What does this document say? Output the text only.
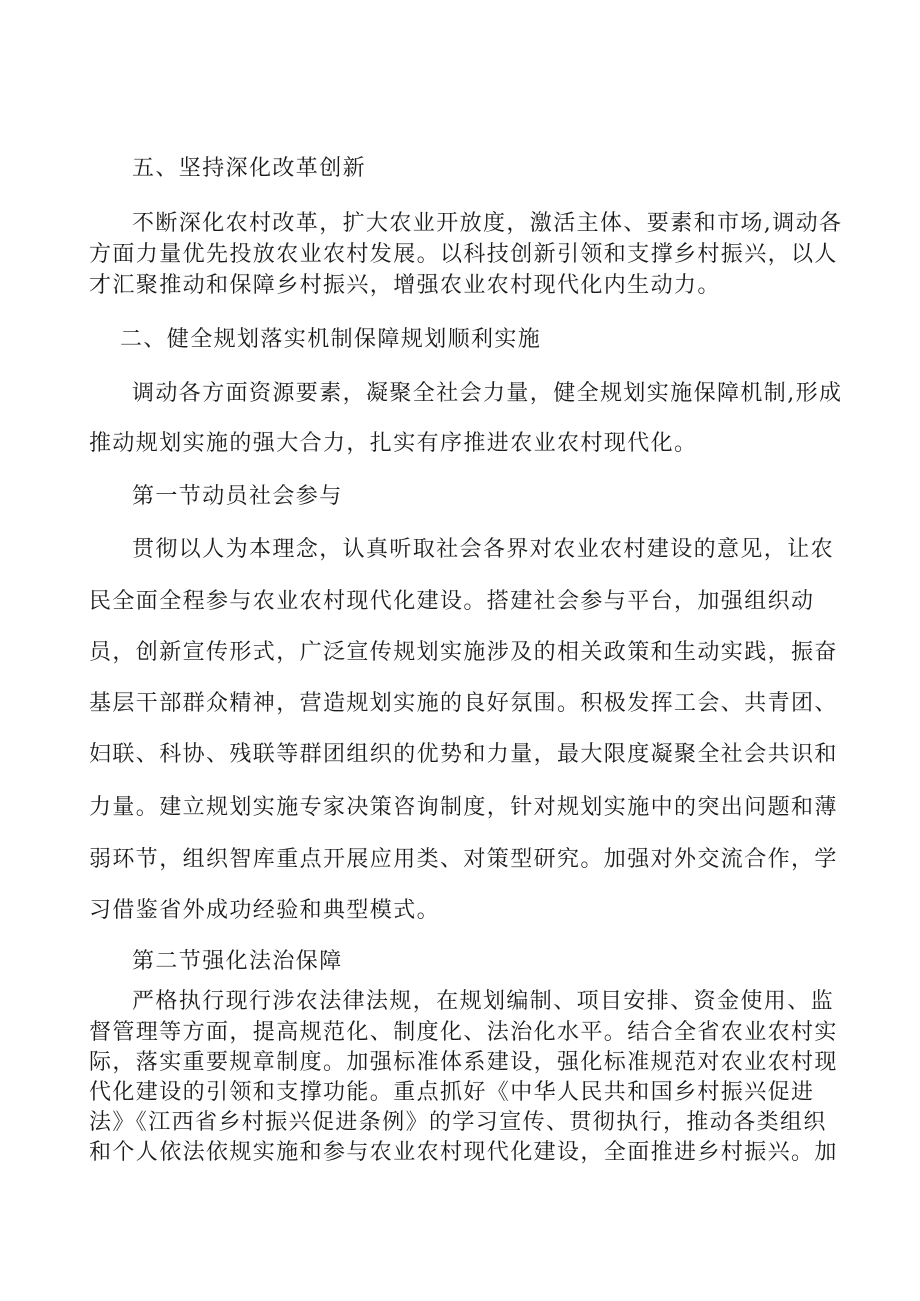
五、坚持深化改革创新
不断深化农村改革，扩大农业开放度，激活主体、要素和市场,调动各
方面力量优先投放农业农村发展。以科技创新引领和支撑乡村振兴，以人
才汇聚推动和保障乡村振兴，增强农业农村现代化内生动力。
二、健全规划落实机制保障规划顺利实施
调动各方面资源要素，凝聚全社会力量，健全规划实施保障机制,形成
推动规划实施的强大合力，扎实有序推进农业农村现代化。
第一节动员社会参与
贯彻以人为本理念，认真听取社会各界对农业农村建设的意见，让农
民全面全程参与农业农村现代化建设。搭建社会参与平台，加强组织动
员，创新宣传形式，广泛宣传规划实施涉及的相关政策和生动实践，振奋
基层干部群众精神，营造规划实施的良好氛围。积极发挥工会、共青团、
妇联、科协、残联等群团组织的优势和力量，最大限度凝聚全社会共识和
力量。建立规划实施专家决策咨询制度，针对规划实施中的突出问题和薄
弱环节，组织智库重点开展应用类、对策型研究。加强对外交流合作，学
习借鉴省外成功经验和典型模式。
第二节强化法治保障
严格执行现行涉农法律法规，在规划编制、项目安排、资金使用、监
督管理等方面，提高规范化、制度化、法治化水平。结合全省农业农村实
际，落实重要规章制度。加强标准体系建设，强化标准规范对农业农村现
代化建设的引领和支撑功能。重点抓好《中华人民共和国乡村振兴促进
法》《江西省乡村振兴促进条例》的学习宣传、贯彻执行，推动各类组织
和个人依法依规实施和参与农业农村现代化建设，全面推进乡村振兴。加
